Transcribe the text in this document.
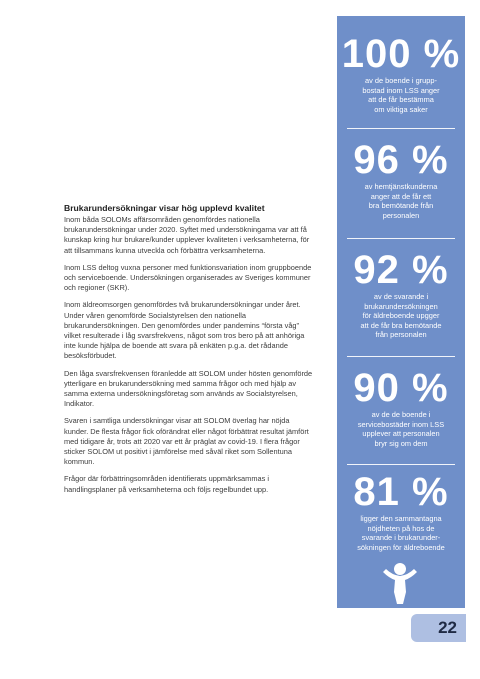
Brukarundersökningar visar hög upplevd kvalitet

Inom båda SOLOMs affärsområden genomfördes nationella brukarundersökningar under 2020. Syftet med undersökningarna var att få kunskap kring hur brukare/kunder upplever kvaliteten i verksamheterna, för att tillsammans kunna utveckla och förbättra verksamheterna.

Inom LSS deltog vuxna personer med funktionsvariation inom gruppboende och serviceboende. Undersökningen organiserades av Sveriges kommuner och regioner (SKR).

Inom äldreomsorgen genomfördes två brukarundersökningar under året. Under våren genomförde Socialstyrelsen den nationella brukarundersökningen. Den genomfördes under pandemins “första våg” vilket resulterade i låg svarsfrekvens, något som tros bero på att anhöriga inte kunde hjälpa de boende att svara på enkäten p.g.a. det rådande besöksförbudet.

Den låga svarsfrekvensen föranledde att SOLOM under hösten genomförde ytterligare en brukarundersökning med samma frågor och med hjälp av samma externa undersökningsföretag som används av Socialstyrelsen, Indikator.

Svaren i samtliga undersökningar visar att SOLOM överlag har nöjda kunder. De flesta frågor fick oförändrat eller något förbättrat resultat jämfört med tidigare år, trots att 2020 var ett år präglat av covid-19. I flera frågor sticker SOLOM ut positivt i jämförelse med såväl riket som Sollentuna kommun.

Frågor där förbättringsområden identifierats uppmärksammas i handlingsplaner på verksamheterna och följs regelbundet upp.

100 %
av de boende i grupp-
bostad inom LSS anger
att de får bestämma
om viktiga saker
96 %
av hemtjänstkunderna
anger att de får ett
bra bemötande från
personalen
92 %
av de svarande i
brukarundersökningen
för äldreboende upgger
att de får bra bemötande
från personalen
90 %
av de de boende i
servicebostäder inom LSS
upplever att personalen
bryr sig om dem
81 %
ligger den sammantagna
nöjdheten på hos de
svarande i brukarunder-
sökningen för äldreboende
22
